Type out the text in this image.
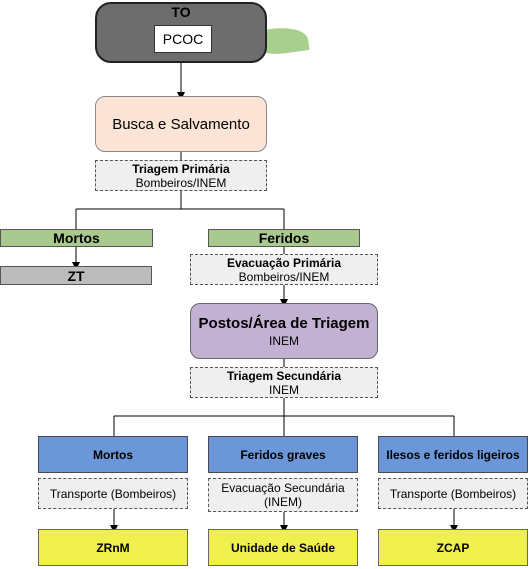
TO
PCOC
Busca e Salvamento
Triagem Primária
Bombeiros/INEM
Mortos
ZT
Feridos
Evacuação Primária
Bombeiros/INEM
Postos/Área de Triagem
INEM
Triagem Secundária
INEM
Mortos	Feridos graves	Ilesos e feridos ligeiros
Transporte (Bombeiros)	Evacuação Secundária (INEM)
Transporte (Bombeiros)
ZRnM	Unidade de Saúde	ZCAP
